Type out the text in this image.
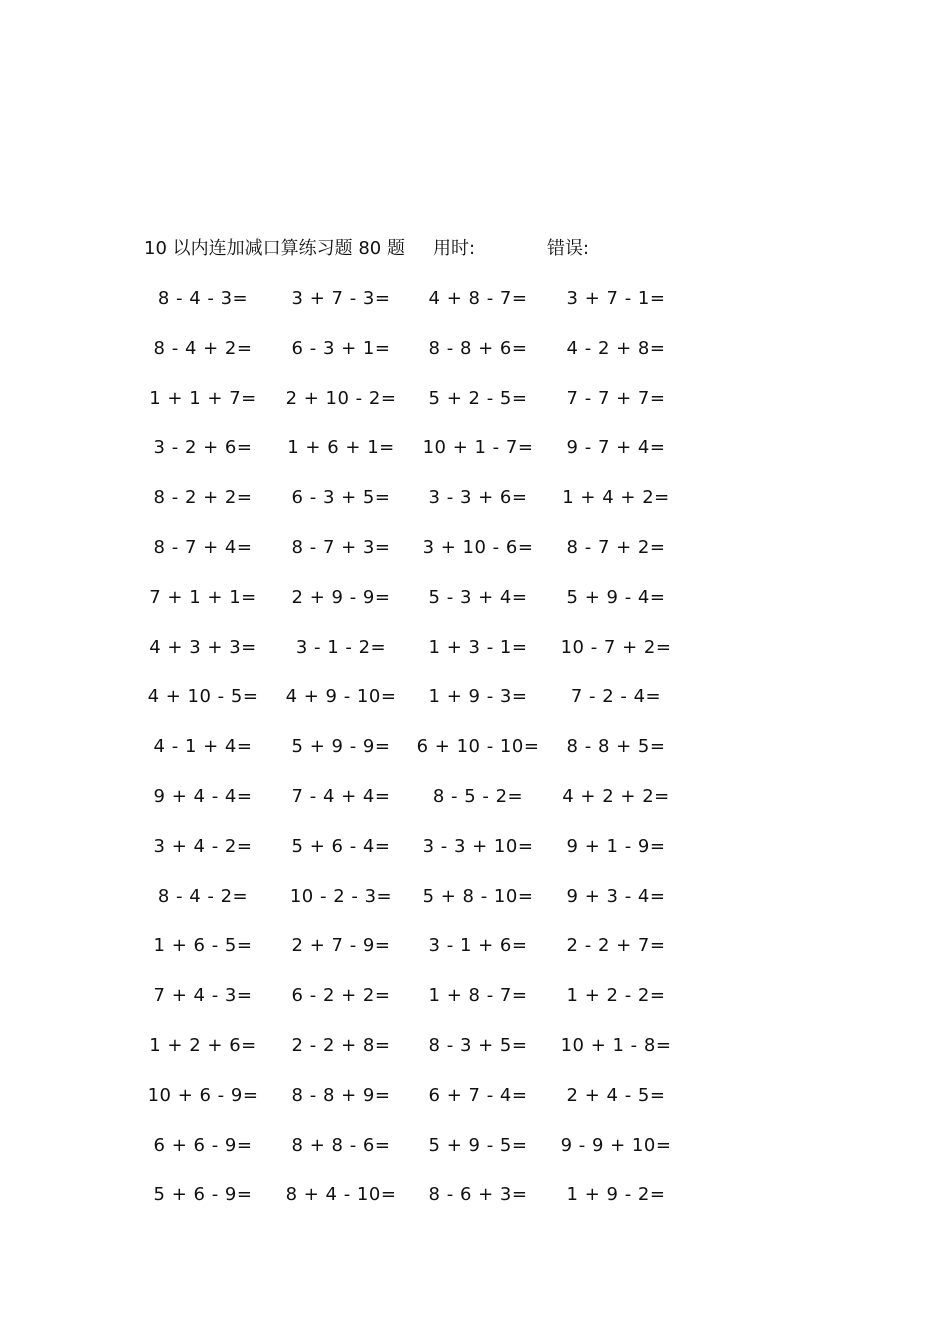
10 以内连加减口算练习题 80 题 用时:	错误:
8 - 4 - 3=	3 + 7 - 3=	4 + 8 - 7=	3 + 7 - 1=
8 - 4 + 2=	6 - 3 + 1=	8 - 8 + 6=	4 - 2 + 8=
1 + 1 + 7=	2 + 10 - 2=	5 + 2 - 5=	7 - 7 + 7=
3 - 2 + 6=	1 + 6 + 1=	10 + 1 - 7=	9 - 7 + 4=
8 - 2 + 2=	6 - 3 + 5=	3 - 3 + 6=	1 + 4 + 2=
8 - 7 + 4=	8 - 7 + 3=	3 + 10 - 6=	8 - 7 + 2=
7 + 1 + 1=	2 + 9 - 9=	5 - 3 + 4=	5 + 9 - 4=
4 + 3 + 3=	3 - 1 - 2=	1 + 3 - 1=	10 - 7 + 2=
4 + 10 - 5=	4 + 9 - 10=	1 + 9 - 3=	7 - 2 - 4=
4 - 1 + 4=	5 + 9 - 9=	6 + 10 - 10=	8 - 8 + 5=
9 + 4 - 4=	7 - 4 + 4=	8 - 5 - 2=	4 + 2 + 2=
3 + 4 - 2=	5 + 6 - 4=	3 - 3 + 10=	9 + 1 - 9=
8 - 4 - 2=	10 - 2 - 3=	5 + 8 - 10=	9 + 3 - 4=
1 + 6 - 5=	2 + 7 - 9=	3 - 1 + 6=	2 - 2 + 7=
7 + 4 - 3=	6 - 2 + 2=	1 + 8 - 7=	1 + 2 - 2=
1 + 2 + 6=	2 - 2 + 8=	8 - 3 + 5=	10 + 1 - 8=
10 + 6 - 9=	8 - 8 + 9=	6 + 7 - 4=	2 + 4 - 5=
6 + 6 - 9=	8 + 8 - 6=	5 + 9 - 5=	9 - 9 + 10=
5 + 6 - 9=	8 + 4 - 10=	8 - 6 + 3=	1 + 9 - 2=
